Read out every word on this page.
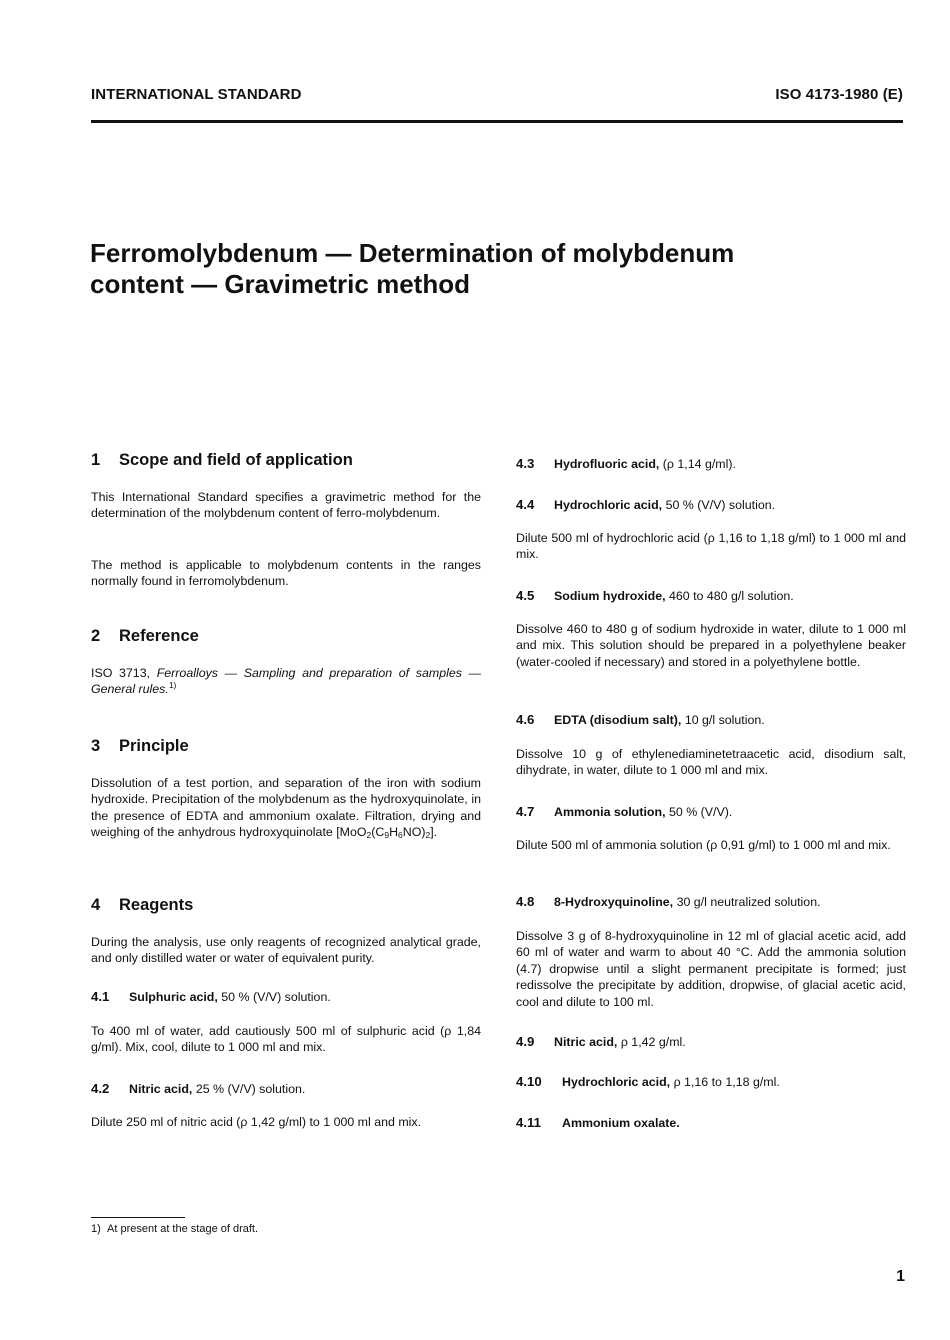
INTERNATIONAL STANDARD	ISO 4173-1980 (E)
Ferromolybdenum — Determination of molybdenum
content — Gravimetric method
1 Scope and field of application

This International Standard specifies a gravimetric method for the determination of the molybdenum content of ferro-molybdenum.

The method is applicable to molybdenum contents in the ranges normally found in ferromolybdenum.

2 Reference

ISO 3713, Ferroalloys — Sampling and preparation of samples — General rules.$^{1)}$

3 Principle

Dissolution of a test portion, and separation of the iron with sodium hydroxide. Precipitation of the molybdenum as the hydroxyquinolate, in the presence of EDTA and ammonium oxalate. Filtration, drying and weighing of the anhydrous hydroxyquinolate $[MoO_2(C_9H_6NO)_2]$.

4 Reagents

During the analysis, use only reagents of recognized analytical grade, and only distilled water or water of equivalent purity.

4.1 Sulphuric acid, 50 % (V/V) solution.

To 400 ml of water, add cautiously 500 ml of sulphuric acid (ρ 1,84 g/ml). Mix, cool, dilute to 1 000 ml and mix.

4.2 Nitric acid, 25 % (V/V) solution.

Dilute 250 ml of nitric acid (ρ 1,42 g/ml) to 1 000 ml and mix.

4.3 Hydrofluoric acid, (ρ 1,14 g/ml).
4.4 Hydrochloric acid, 50 % (V/V) solution.

Dilute 500 ml of hydrochloric acid (ρ 1,16 to 1,18 g/ml) to 1 000 ml and mix.

4.5 Sodium hydroxide, 460 to 480 g/l solution.

Dissolve 460 to 480 g of sodium hydroxide in water, dilute to 1 000 ml and mix. This solution should be prepared in a polyethylene beaker (water-cooled if necessary) and stored in a polyethylene bottle.

4.6 EDTA (disodium salt), 10 g/l solution.

Dissolve 10 g of ethylenediaminetetraacetic acid, disodium salt, dihydrate, in water, dilute to 1 000 ml and mix.

4.7 Ammonia solution, 50 % (V/V).

Dilute 500 ml of ammonia solution (ρ 0,91 g/ml) to 1 000 ml and mix.

4.8 8-Hydroxyquinoline, 30 g/l neutralized solution.

Dissolve 3 g of 8-hydroxyquinoline in 12 ml of glacial acetic acid, add 60 ml of water and warm to about 40 °C. Add the ammonia solution (4.7) dropwise until a slight permanent precipitate is formed; just redissolve the precipitate by addition, dropwise, of glacial acetic acid, cool and dilute to 100 ml.

4.9 Nitric acid, ρ 1,42 g/ml.
4.10 Hydrochloric acid, ρ 1,16 to 1,18 g/ml.
4.11 Ammonium oxalate.
1) At present at the stage of draft.
1
